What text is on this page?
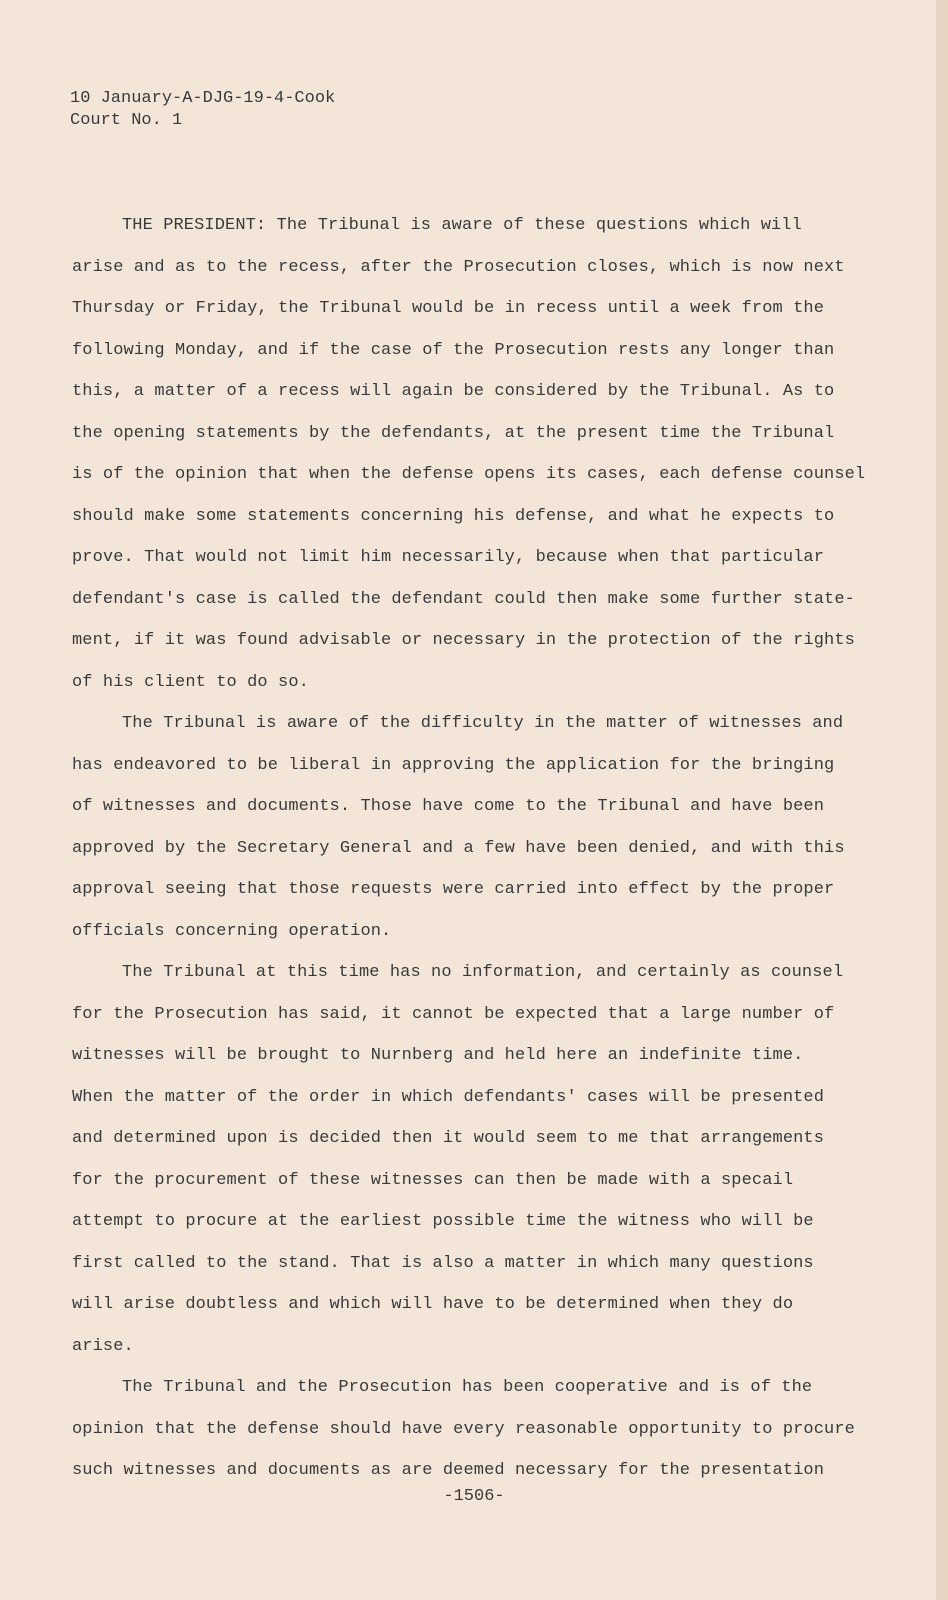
10 January-A-DJG-19-4-Cook
Court No. 1
THE PRESIDENT: The Tribunal is aware of these questions which will
arise and as to the recess, after the Prosecution closes, which is now next
Thursday or Friday, the Tribunal would be in recess until a week from the
following Monday, and if the case of the Prosecution rests any longer than
this, a matter of a recess will again be considered by the Tribunal. As to
the opening statements by the defendants, at the present time the Tribunal
is of the opinion that when the defense opens its cases, each defense counsel
should make some statements concerning his defense, and what he expects to
prove. That would not limit him necessarily, because when that particular
defendant's case is called the defendant could then make some further state-
ment, if it was found advisable or necessary in the protection of the rights
of his client to do so.
The Tribunal is aware of the difficulty in the matter of witnesses and
has endeavored to be liberal in approving the application for the bringing
of witnesses and documents. Those have come to the Tribunal and have been
approved by the Secretary General and a few have been denied, and with this
approval seeing that those requests were carried into effect by the proper
officials concerning operation.
The Tribunal at this time has no information, and certainly as counsel
for the Prosecution has said, it cannot be expected that a large number of
witnesses will be brought to Nurnberg and held here an indefinite time.
When the matter of the order in which defendants' cases will be presented
and determined upon is decided then it would seem to me that arrangements
for the procurement of these witnesses can then be made with a specail
attempt to procure at the earliest possible time the witness who will be
first called to the stand. That is also a matter in which many questions
will arise doubtless and which will have to be determined when they do
arise.
The Tribunal and the Prosecution has been cooperative and is of the
opinion that the defense should have every reasonable opportunity to procure
such witnesses and documents as are deemed necessary for the presentation
-1506-
